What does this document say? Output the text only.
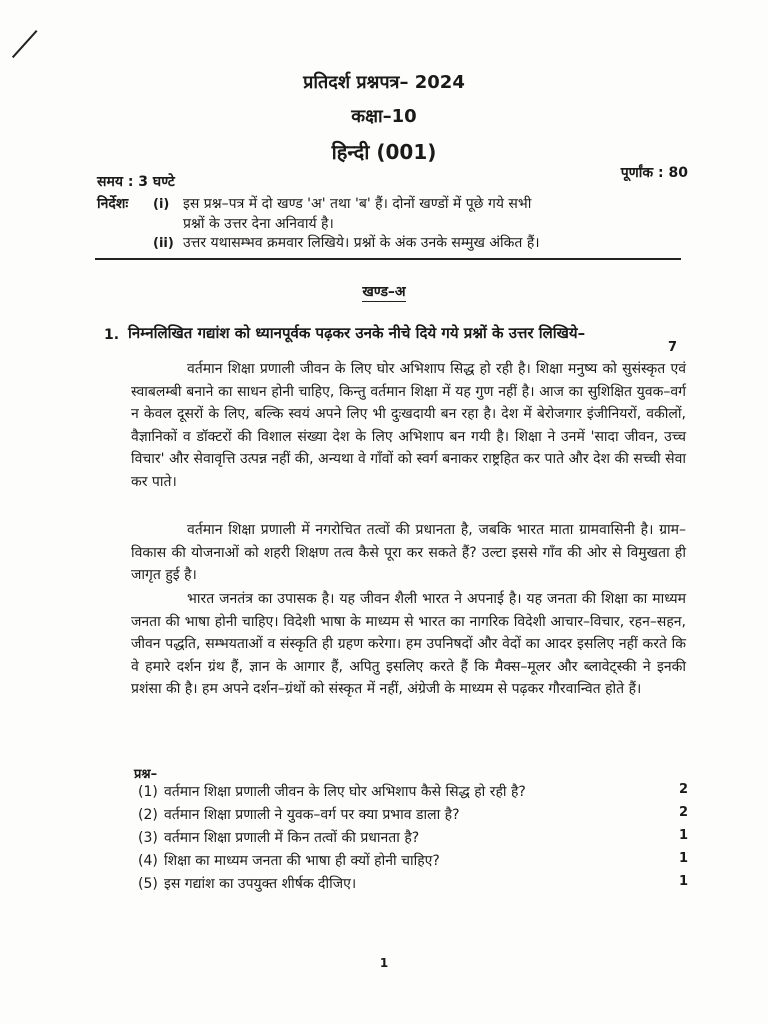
प्रतिदर्श प्रश्नपत्र– 2024
कक्षा–10
हिन्दी (001)
समय : 3 घण्टे
पूर्णांक : 80
निर्देशः (i) इस प्रश्न–पत्र में दो खण्ड 'अ' तथा 'ब' हैं। दोनों खण्डों में पूछे गये सभी
प्रश्नों के उत्तर देना अनिवार्य है।
(ii) उत्तर यथासम्भव क्रमवार लिखिये। प्रश्नों के अंक उनके सम्मुख अंकित हैं।
खण्ड–अ
1. निम्नलिखित गद्यांश को ध्यानपूर्वक पढ़कर उनके नीचे दिये गये प्रश्नों के उत्तर लिखिये–
7
वर्तमान शिक्षा प्रणाली जीवन के लिए घोर अभिशाप सिद्ध हो रही है। शिक्षा मनुष्य को सुसंस्कृत एवं स्वाबलम्बी बनाने का साधन होनी चाहिए, किन्तु वर्तमान शिक्षा में यह गुण नहीं है। आज का सुशिक्षित युवक–वर्ग न केवल दूसरों के लिए, बल्कि स्वयं अपने लिए भी दुःखदायी बन रहा है। देश में बेरोजगार इंजीनियरों, वकीलों, वैज्ञानिकों व डॉक्टरों की विशाल संख्या देश के लिए अभिशाप बन गयी है। शिक्षा ने उनमें 'सादा जीवन, उच्च विचार' और सेवावृत्ति उत्पन्न नहीं की, अन्यथा वे गाँवों को स्वर्ग बनाकर राष्ट्रहित कर पाते और देश की सच्ची सेवा कर पाते।
वर्तमान शिक्षा प्रणाली में नगरोचित तत्वों की प्रधानता है, जबकि भारत माता ग्रामवासिनी है। ग्राम–विकास की योजनाओं को शहरी शिक्षण तत्व कैसे पूरा कर सकते हैं? उल्टा इससे गाँव की ओर से विमुखता ही जागृत हुई है।
भारत जनतंत्र का उपासक है। यह जीवन शैली भारत ने अपनाई है। यह जनता की शिक्षा का माध्यम जनता की भाषा होनी चाहिए। विदेशी भाषा के माध्यम से भारत का नागरिक विदेशी आचार–विचार, रहन–सहन, जीवन पद्धति, सम्भयताओं व संस्कृति ही ग्रहण करेगा। हम उपनिषदों और वेदों का आदर इसलिए नहीं करते कि वे हमारे दर्शन ग्रंथ हैं, ज्ञान के आगार हैं, अपितु इसलिए करते हैं कि मैक्स–मूलर और ब्लावेट्स्की ने इनकी प्रशंसा की है। हम अपने दर्शन–ग्रंथों को संस्कृत में नहीं, अंग्रेजी के माध्यम से पढ़कर गौरवान्वित होते हैं।
प्रश्न–
(1) वर्तमान शिक्षा प्रणाली जीवन के लिए घोर अभिशाप कैसे सिद्ध हो रही है?	2
(2) वर्तमान शिक्षा प्रणाली ने युवक–वर्ग पर क्या प्रभाव डाला है?	2
(3) वर्तमान शिक्षा प्रणाली में किन तत्वों की प्रधानता है?	1
(4) शिक्षा का माध्यम जनता की भाषा ही क्यों होनी चाहिए?	1
(5) इस गद्यांश का उपयुक्त शीर्षक दीजिए।	1
1
